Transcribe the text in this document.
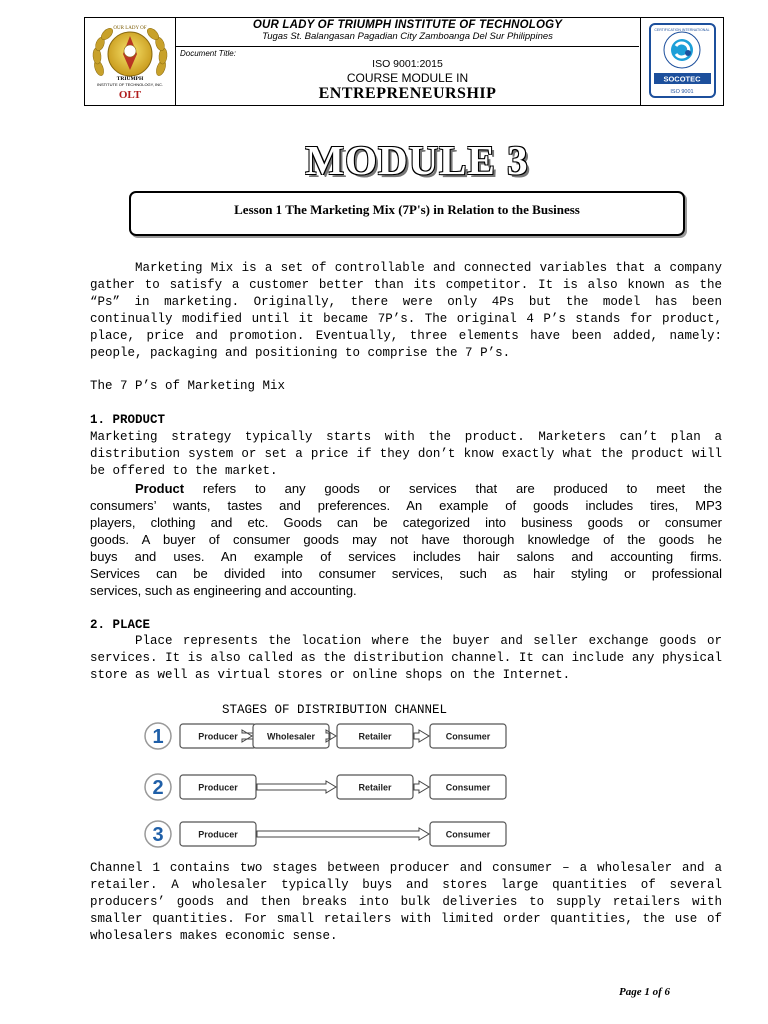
OUR LADY OF
TRIUMPH
INSTITUTE OF TECHNOLOGY, INC.
OLT
OUR LADY OF TRIUMPH INSTITUTE OF TECHNOLOGY
Tugas St. Balangasan Pagadian City Zamboanga Del Sur Philippines
Document Title:
ISO 9001:2015
COURSE MODULE IN
ENTREPRENEURSHIP
CERTIFICATION INTERNATIONAL
SOCOTEC
ISO 9001
MODULE 3
Lesson 1 The Marketing Mix (7P's) in Relation to the Business
Marketing Mix is a set of controllable and connected variables that a company
gather to satisfy a customer better than its competitor. It is also known as the
“Ps” in marketing. Originally, there were only 4Ps but the model has been
continually modified until it became 7P’s. The original 4 P’s stands for product,
place, price and promotion. Eventually, three elements have been added, namely:
people, packaging and positioning to comprise the 7 P’s.
The 7 P’s of Marketing Mix
1. PRODUCT
Marketing strategy typically starts with the product. Marketers can’t plan a
distribution system or set a price if they don’t know exactly what the product will
be offered to the market.
Product refers to any goods or services that are produced to meet the
consumers’ wants, tastes and preferences. An example of goods includes tires, MP3
players, clothing and etc. Goods can be categorized into business goods or consumer
goods. A buyer of consumer goods may not have thorough knowledge of the goods he
buys and uses. An example of services includes hair salons and accounting firms.
Services can be divided into consumer services, such as hair styling or professional
services, such as engineering and accounting.
2. PLACE
Place represents the location where the buyer and seller exchange goods or
services. It is also called as the distribution channel. It can include any physical
store as well as virtual stores or online shops on the Internet.
STAGES OF DISTRIBUTION CHANNEL
1	Producer	Wholesaler	Retailer	Consumer
2	Producer	Retailer	Consumer
3	Producer	Consumer
Channel 1 contains two stages between producer and consumer – a wholesaler and a
retailer. A wholesaler typically buys and stores large quantities of several
producers’ goods and then breaks into bulk deliveries to supply retailers with
smaller quantities. For small retailers with limited order quantities, the use of
wholesalers makes economic sense.
Page 1 of 6
